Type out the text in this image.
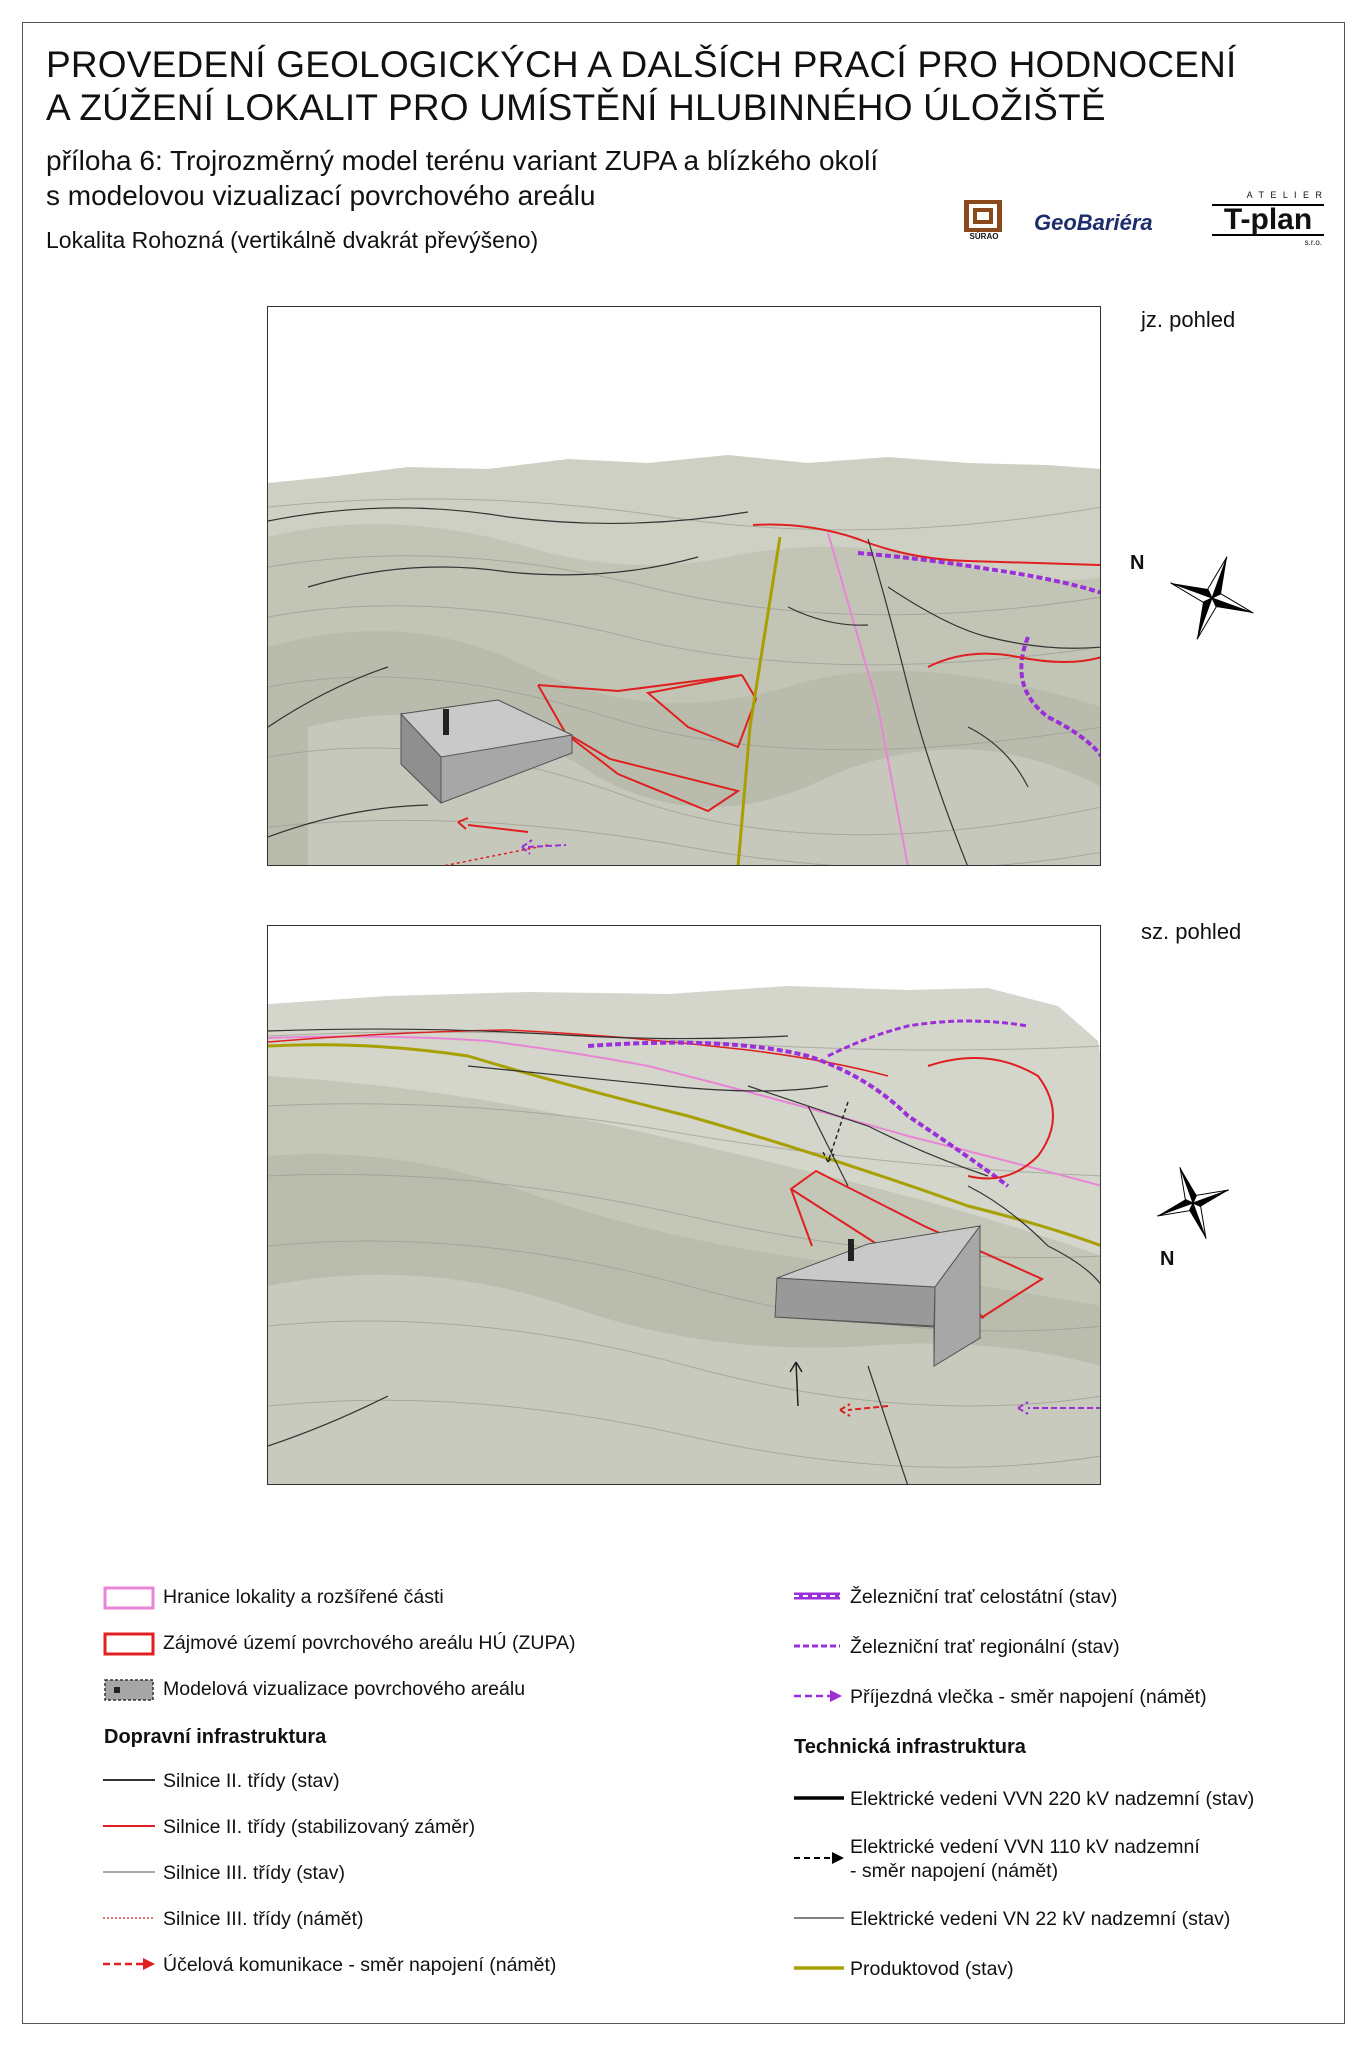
PROVEDENÍ GEOLOGICKÝCH A DALŠÍCH PRACÍ PRO HODNOCENÍ
A ZÚŽENÍ LOKALIT PRO UMÍSTĚNÍ HLUBINNÉHO ÚLOŽIŠTĚ
příloha 6: Trojrozměrný model terénu variant ZUPA a blízkého okolí
s modelovou vizualizací povrchového areálu
Lokalita Rohozná (vertikálně dvakrát převýšeno)	SÚRAO
GeoBariéra
A T E L I E R
T-plan
s.r.o.
jz. pohled
N
sz. pohled
N
Hranice lokality a rozšířené části
Zájmové území povrchového areálu HÚ (ZUPA)
Modelová vizualizace povrchového areálu
Dopravní infrastruktura
Silnice II. třídy (stav)
Silnice II. třídy (stabilizovaný záměr)
Silnice III. třídy (stav)
Silnice III. třídy (námět)
Účelová komunikace - směr napojení (námět)
Železniční trať celostátní (stav)
Železniční trať regionální (stav)
Příjezdná vlečka - směr napojení (námět)
Technická infrastruktura
Elektrické vedeni VVN 220 kV nadzemní (stav)
Elektrické vedení VVN 110 kV nadzemní
- směr napojení (námět)
Elektrické vedeni VN 22 kV nadzemní (stav)
Produktovod (stav)
